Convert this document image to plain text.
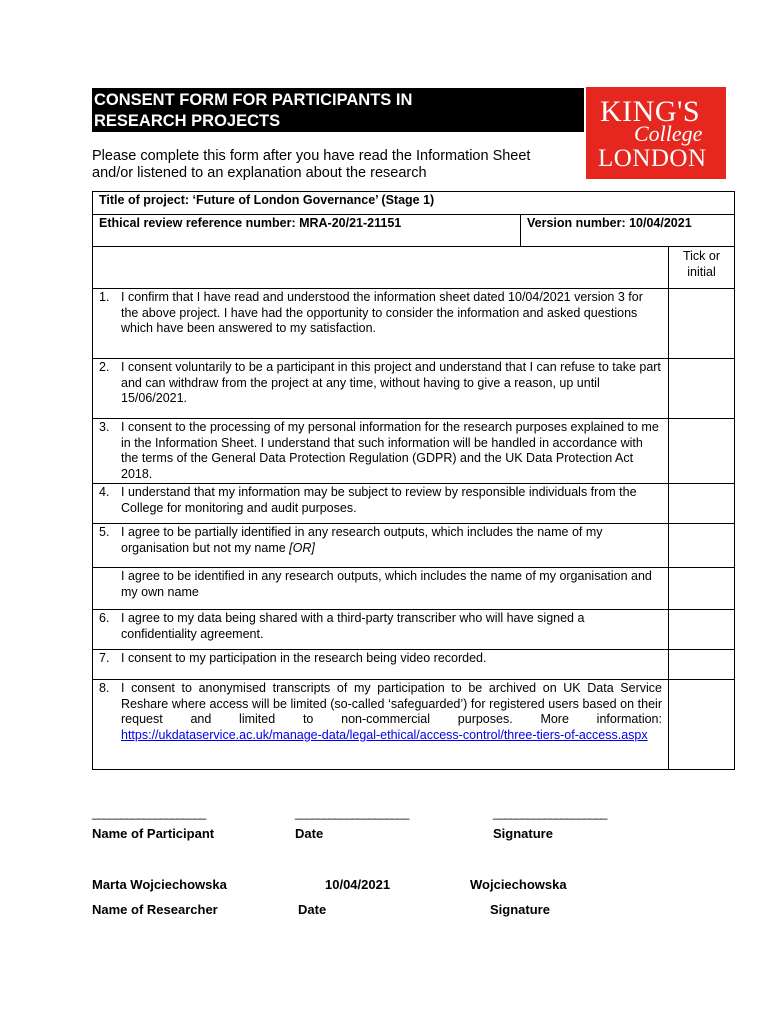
CONSENT FORM FOR PARTICIPANTS IN
RESEARCH PROJECTS	KING'S
College
LONDON
Please complete this form after you have read the Information Sheet
and/or listened to an explanation about the research
Title of project: ‘Future of London Governance’ (Stage 1)		
Ethical review reference number: MRA-20/21-21151	Version number: 10/04/2021	
		Tick or initial

1. I confirm that I have read and understood the information sheet dated 10/04/2021 version 3 for the above project. I have had the opportunity to consider the information and asked questions which have been answered to my satisfaction.		

2. I consent voluntarily to be a participant in this project and understand that I can refuse to take part and can withdraw from the project at any time, without having to give a reason, up until 15/06/2021.		

3. I consent to the processing of my personal information for the research purposes explained to me in the Information Sheet. I understand that such information will be handled in accordance with the terms of the General Data Protection Regulation (GDPR) and the UK Data Protection Act 2018.		

4. I understand that my information may be subject to review by responsible individuals from the College for monitoring and audit purposes.		

5. I agree to be partially identified in any research outputs, which includes the name of my organisation but not my name [OR]		

I agree to be identified in any research outputs, which includes the name of my organisation and my own name		

6. I agree to my data being shared with a third-party transcriber who will have signed a confidentiality agreement.		

7. I consent to my participation in the research being video recorded.		

8. I consent to anonymised transcripts of my participation to be archived on UK Data Service Reshare where access will be limited (so-called ‘safeguarded’) for registered users based on their request and limited to non-commercial purposes. More information: https://ukdataservice.ac.uk/manage-data/legal-ethical/access-control/three-tiers-of-access.aspx		

____________________	____________________	____________________
Name of Participant	Date	Signature
Marta Wojciechowska	10/04/2021	Wojciechowska
Name of Researcher	Date	Signature
